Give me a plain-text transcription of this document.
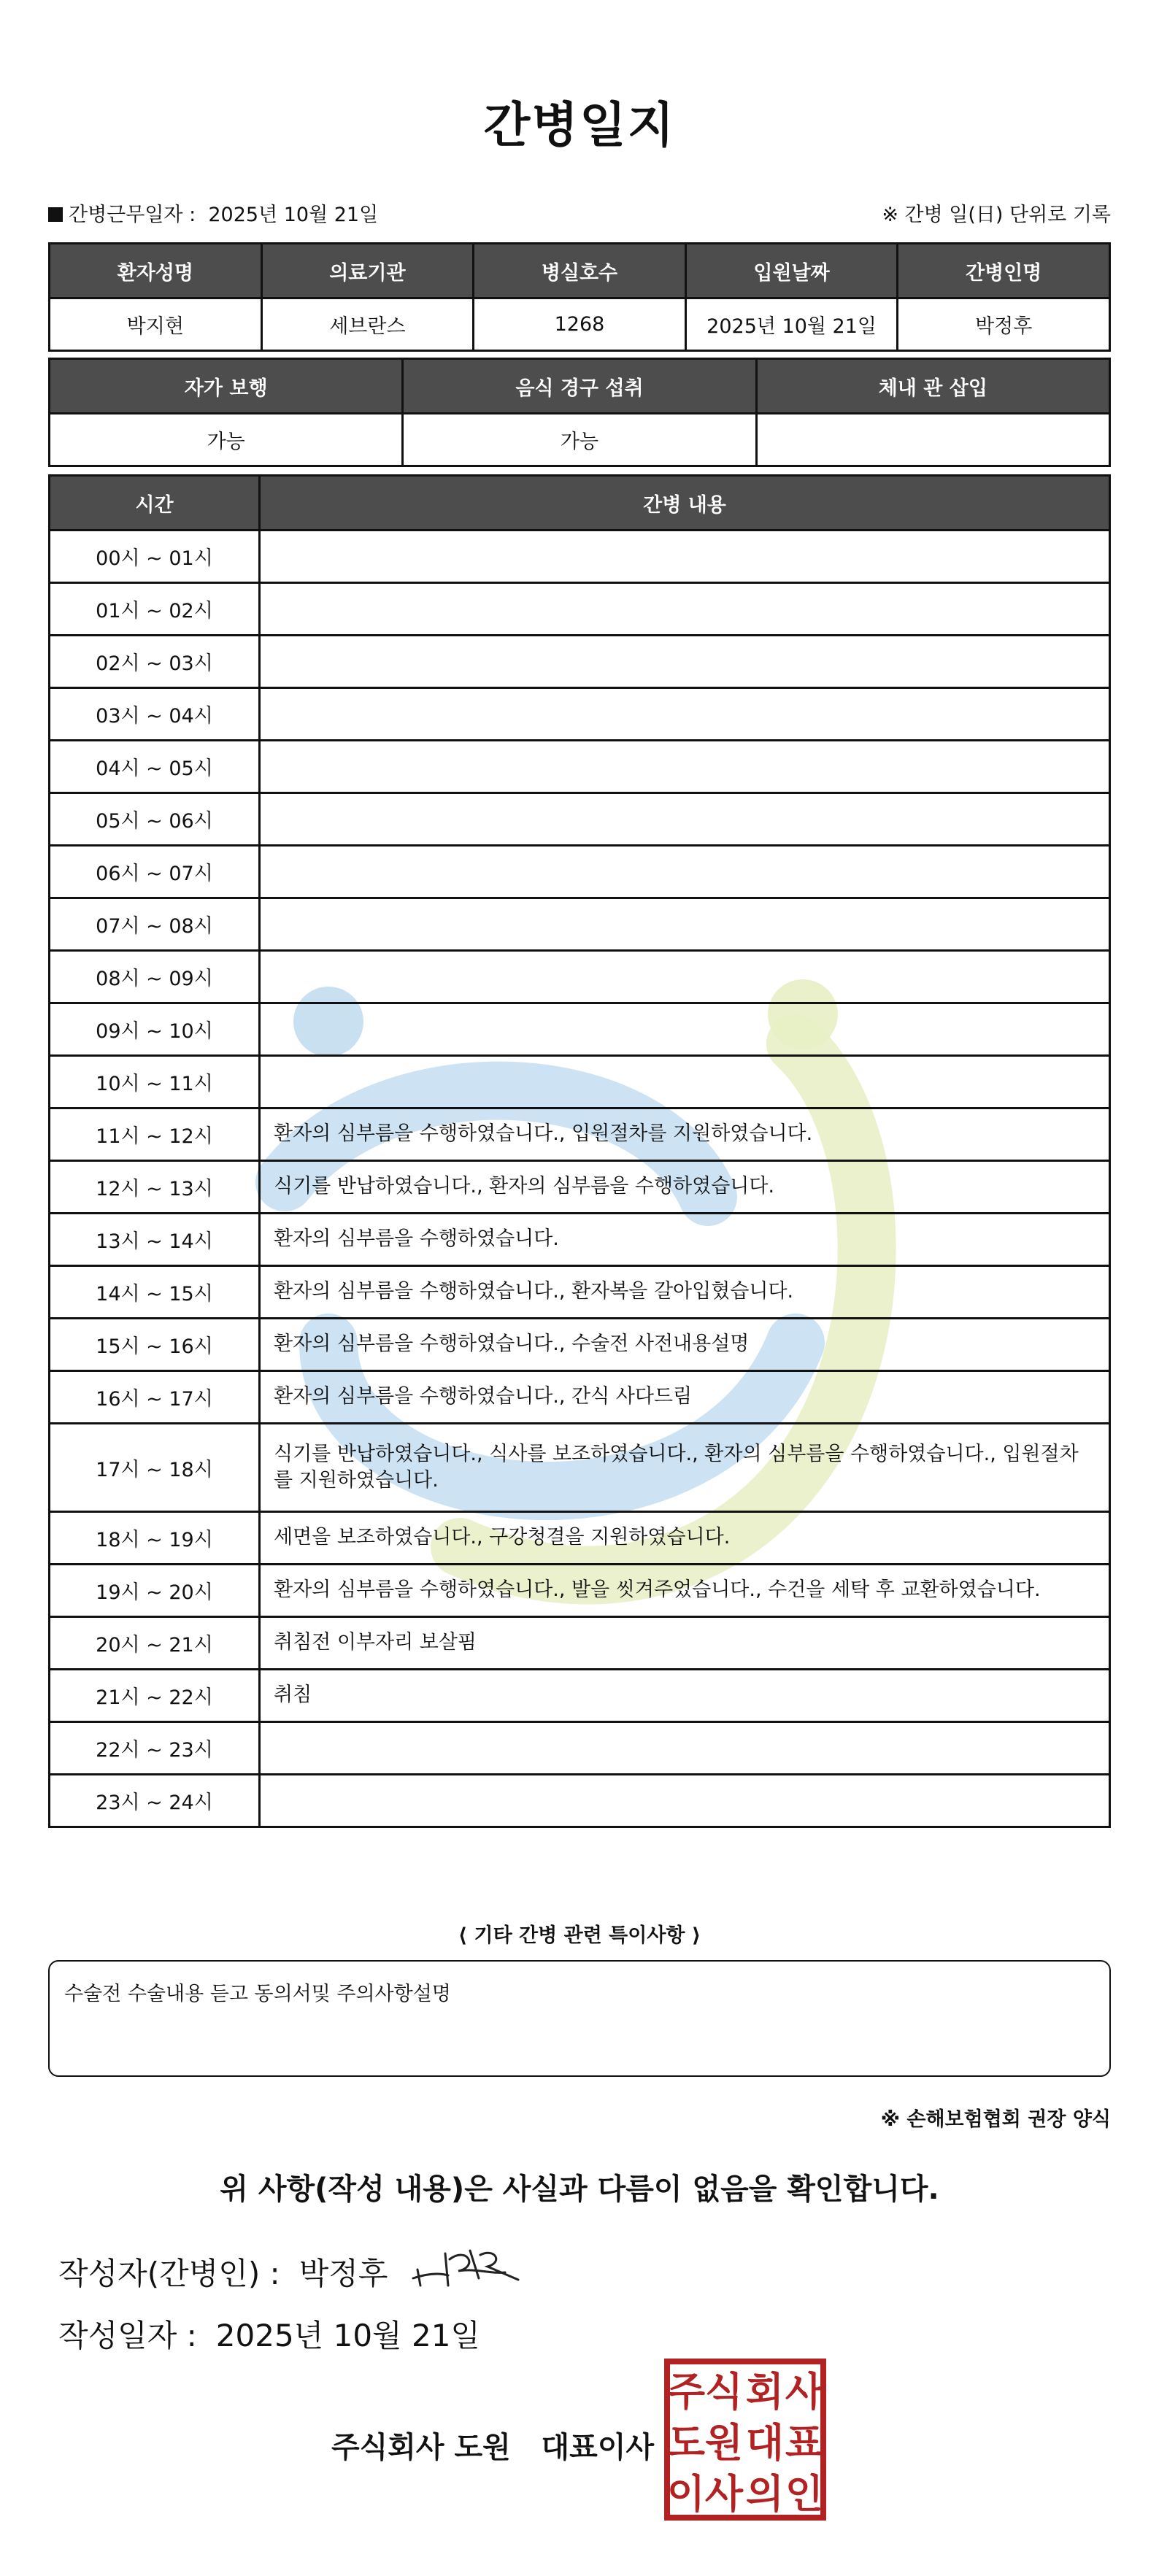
간병일지
간병근무일자 : 2025년 10월 21일	※ 간병 일(日) 단위로 기록
환자성명	의료기관	병실호수	입원날짜	간병인명
박지현	세브란스	1268	2025년 10월 21일	박정후
자가 보행	음식 경구 섭취	체내 관 삽입
가능	가능	
시간	간병 내용
00시 ~ 01시	
01시 ~ 02시	
02시 ~ 03시	
03시 ~ 04시	
04시 ~ 05시	
05시 ~ 06시	
06시 ~ 07시	
07시 ~ 08시	
08시 ~ 09시	
09시 ~ 10시	
10시 ~ 11시	
11시 ~ 12시	환자의 심부름을 수행하였습니다., 입원절차를 지원하였습니다.
12시 ~ 13시	식기를 반납하였습니다., 환자의 심부름을 수행하였습니다.
13시 ~ 14시	환자의 심부름을 수행하였습니다.
14시 ~ 15시	환자의 심부름을 수행하였습니다., 환자복을 갈아입혔습니다.
15시 ~ 16시	환자의 심부름을 수행하였습니다., 수술전 사전내용설명
16시 ~ 17시	환자의 심부름을 수행하였습니다., 간식 사다드림
17시 ~ 18시	식기를 반납하였습니다., 식사를 보조하였습니다., 환자의 심부름을 수행하였습니다., 입원절차를 지원하였습니다.
18시 ~ 19시	세면을 보조하였습니다., 구강청결을 지원하였습니다.
19시 ~ 20시	환자의 심부름을 수행하였습니다., 발을 씻겨주었습니다., 수건을 세탁 후 교환하였습니다.
20시 ~ 21시	취침전 이부자리 보살핌
21시 ~ 22시	취침
22시 ~ 23시	
23시 ~ 24시	
⟨ 기타 간병 관련 특이사항 ⟩
수술전 수술내용 듣고 동의서및 주의사항설명
※ 손해보험협회 권장 양식
위 사항(작성 내용)은 사실과 다름이 없음을 확인합니다.
작성자(간병인) : 박정후
작성일자 : 2025년 10월 21일
주식회사 도원   대표이사
주 식 회 사
도 원 대 표
이 사 의 인
